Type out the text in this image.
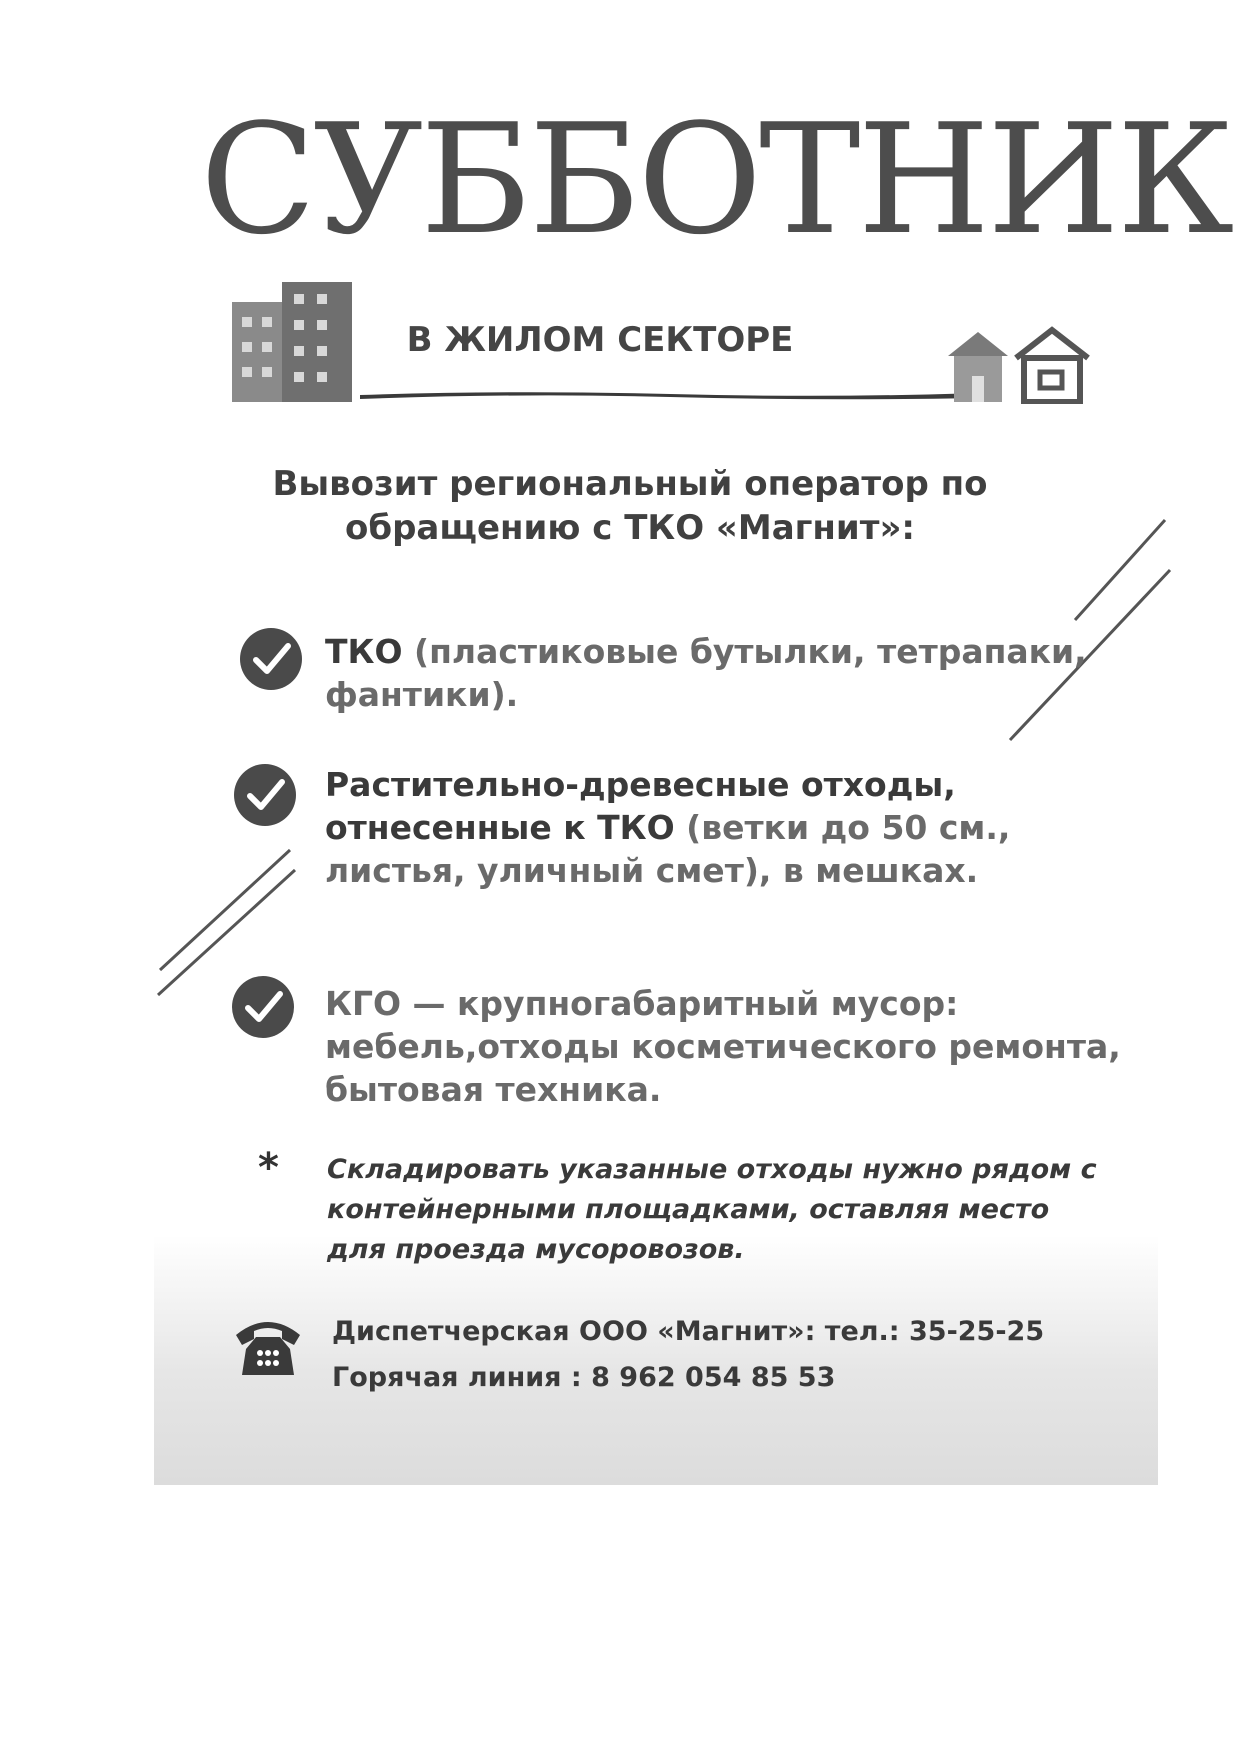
СУББОТНИК
В ЖИЛОМ СЕКТОРЕ
Вывозит региональный оператор по обращению с ТКО «Магнит»:
ТКО (пластиковые бутылки, тетрапаки, фантики).
Растительно-древесные отходы, отнесенные к ТКО (ветки до 50 см., листья, уличный смет), в мешках.
КГО — крупногабаритный мусор: мебель,отходы косметического ремонта, бытовая техника.
* Складировать указанные отходы нужно рядом с контейнерными площадками, оставляя место для проезда мусоровозов.
Диспетчерская ООО «Магнит»: тел.: 35-25-25
Горячая линия : 8 962 054 85 53
